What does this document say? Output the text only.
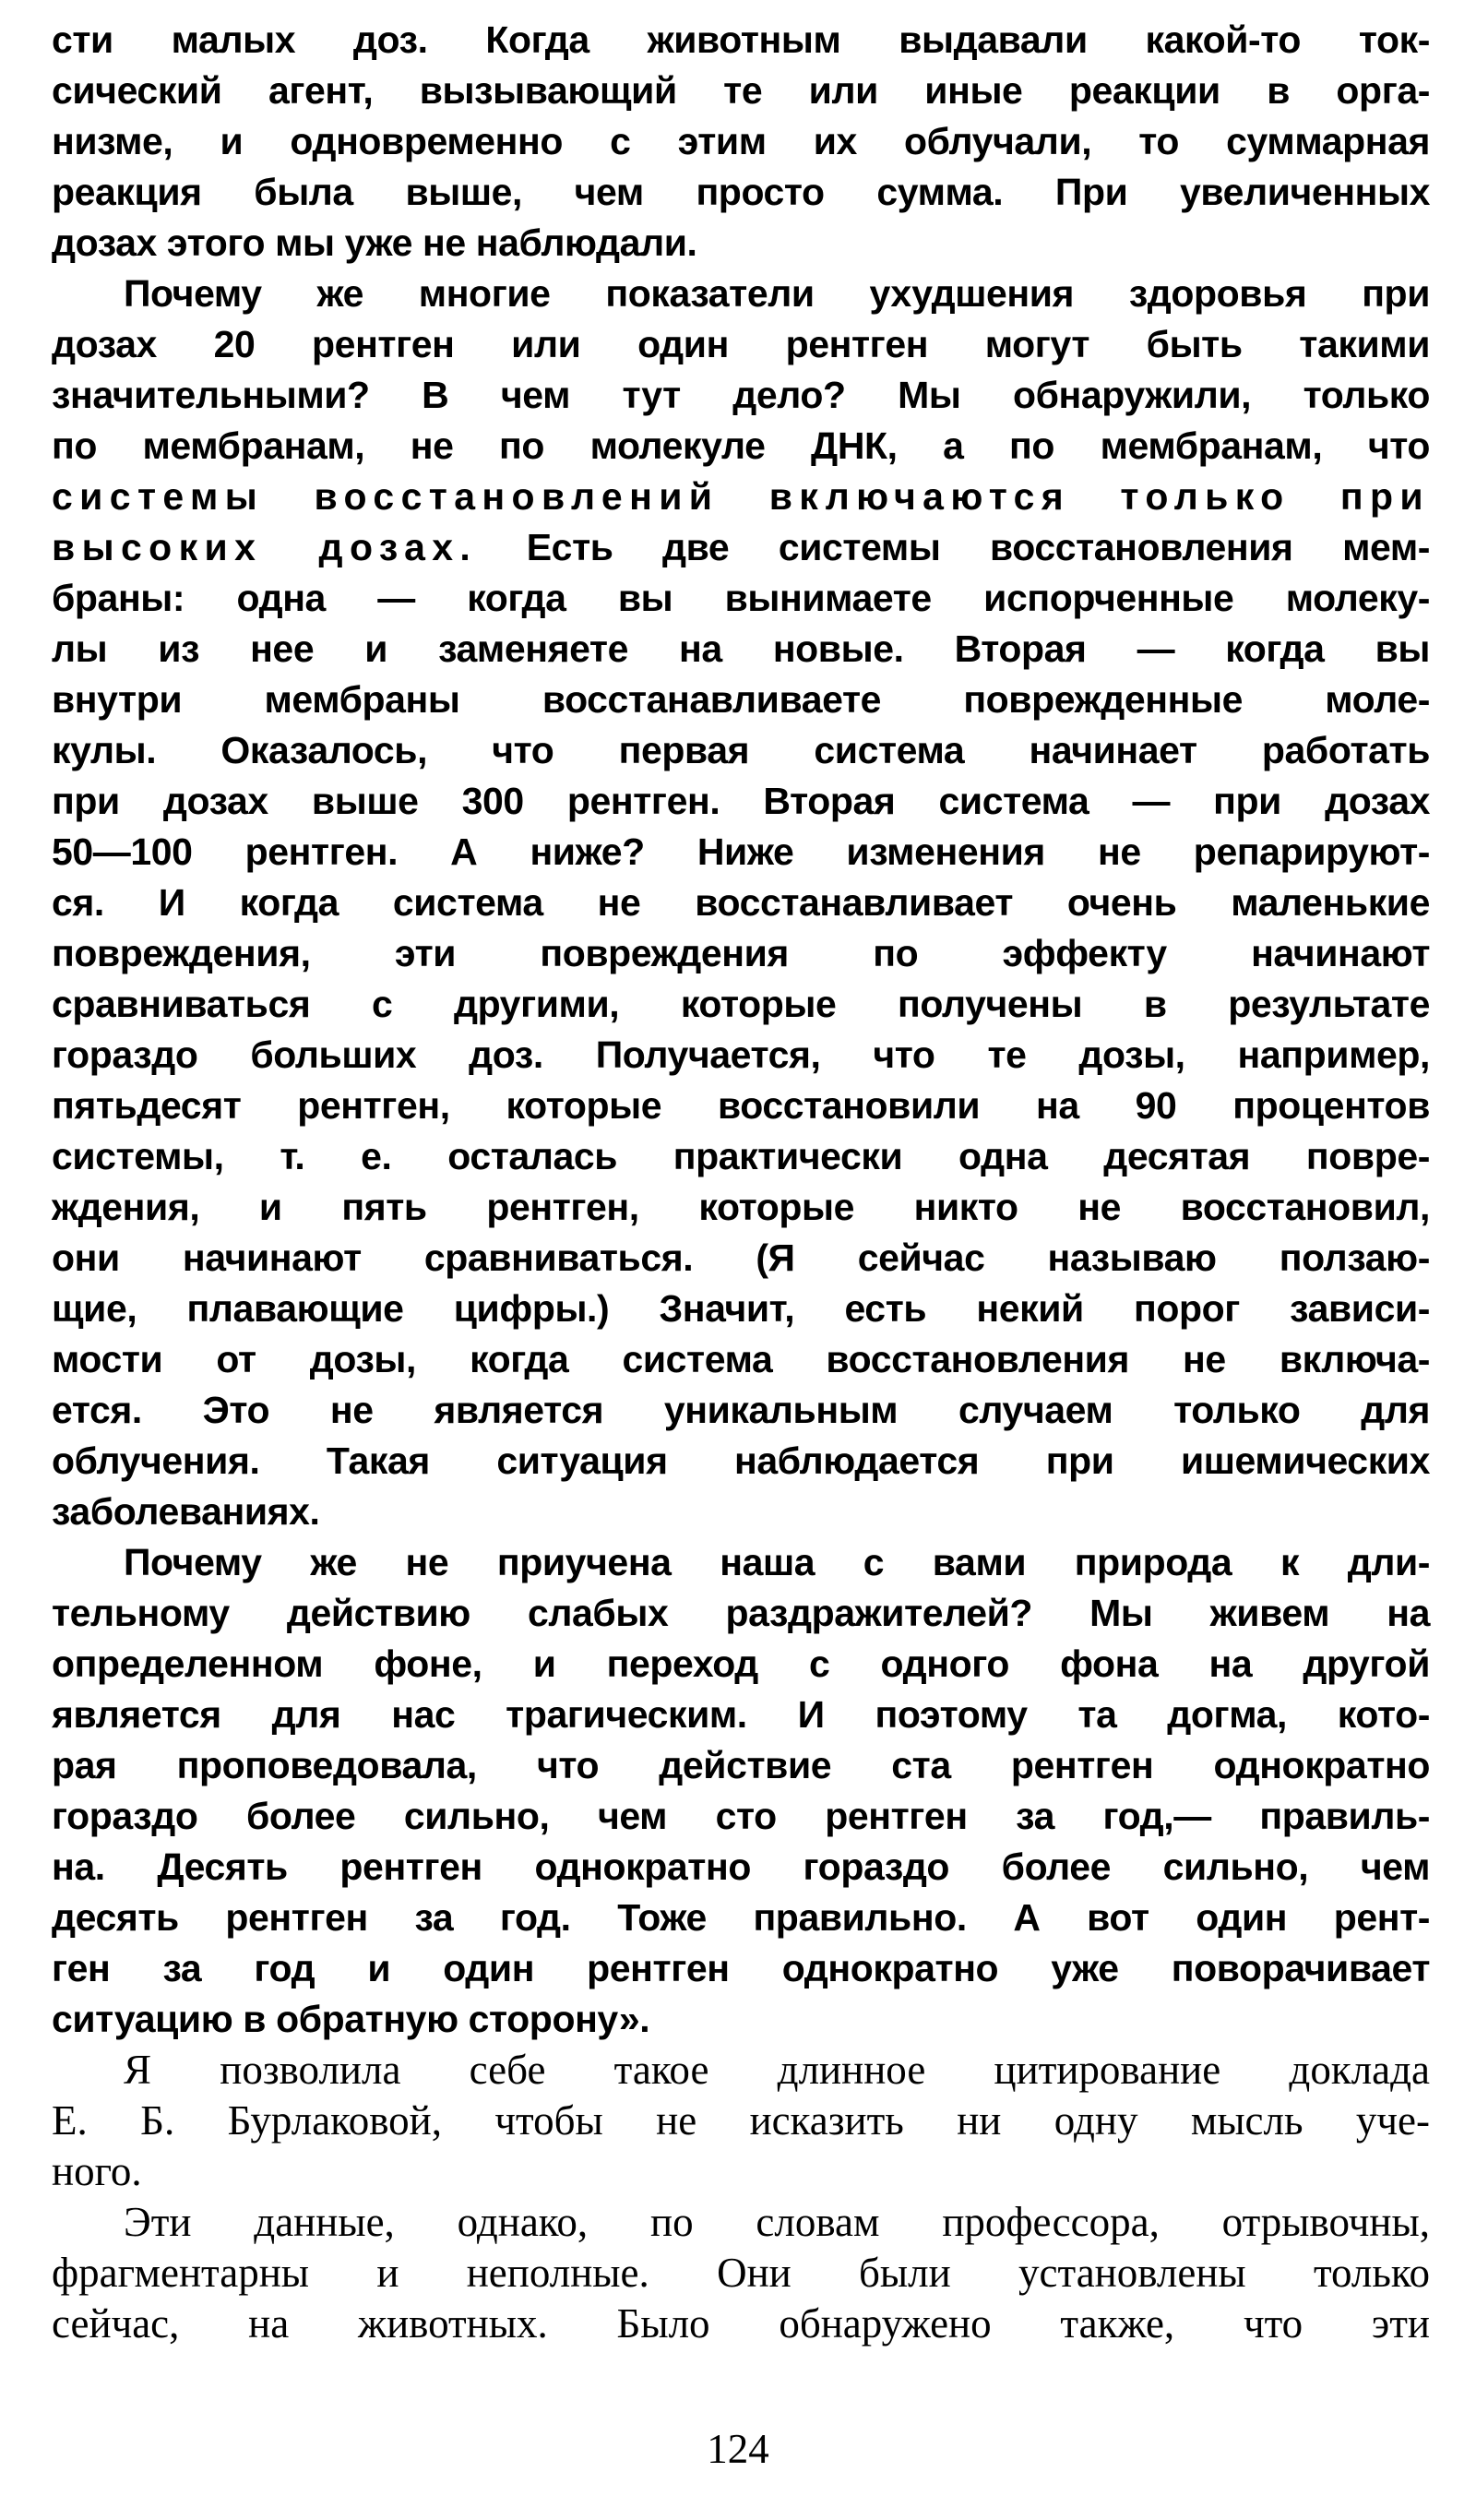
сти малых доз. Когда животным выдавали какой-то ток-
сический агент, вызывающий те или иные реакции в орга-
низме, и одновременно с этим их облучали, то суммарная
реакция была выше, чем просто сумма. При увеличенных
дозах этого мы уже не наблюдали.
Почему же многие показатели ухудшения здоровья при
дозах 20 рентген или один рентген могут быть такими
значительными? В чем тут дело? Мы обнаружили, только
по мембранам, не по молекуле ДНК, а по мембранам, что
системы восстановлений включаются только при
высоких дозах. Есть две системы восстановления мем-
браны: одна — когда вы вынимаете испорченные молеку-
лы из нее и заменяете на новые. Вторая — когда вы
внутри мембраны восстанавливаете поврежденные моле-
кулы. Оказалось, что первая система начинает работать
при дозах выше 300 рентген. Вторая система — при дозах
50—100 рентген. А ниже? Ниже изменения не репарируют-
ся. И когда система не восстанавливает очень маленькие
повреждения, эти повреждения по эффекту начинают
сравниваться с другими, которые получены в результате
гораздо больших доз. Получается, что те дозы, например,
пятьдесят рентген, которые восстановили на 90 процентов
системы, т. е. осталась практически одна десятая повре-
ждения, и пять рентген, которые никто не восстановил,
они начинают сравниваться. (Я сейчас называю ползаю-
щие, плавающие цифры.) Значит, есть некий порог зависи-
мости от дозы, когда система восстановления не включа-
ется. Это не является уникальным случаем только для
облучения. Такая ситуация наблюдается при ишемических
заболеваниях.
Почему же не приучена наша с вами природа к дли-
тельному действию слабых раздражителей? Мы живем на
определенном фоне, и переход с одного фона на другой
является для нас трагическим. И поэтому та догма, кото-
рая проповедовала, что действие ста рентген однократно
гораздо более сильно, чем сто рентген за год,— правиль-
на. Десять рентген однократно гораздо более сильно, чем
десять рентген за год. Тоже правильно. А вот один рент-
ген за год и один рентген однократно уже поворачивает
ситуацию в обратную сторону».
Я позволила себе такое длинное цитирование доклада
Е. Б. Бурлаковой, чтобы не исказить ни одну мысль уче-
ного.
Эти данные, однако, по словам профессора, отрывочны,
фрагментарны и неполные. Они были установлены только
сейчас, на животных. Было обнаружено также, что эти
124
